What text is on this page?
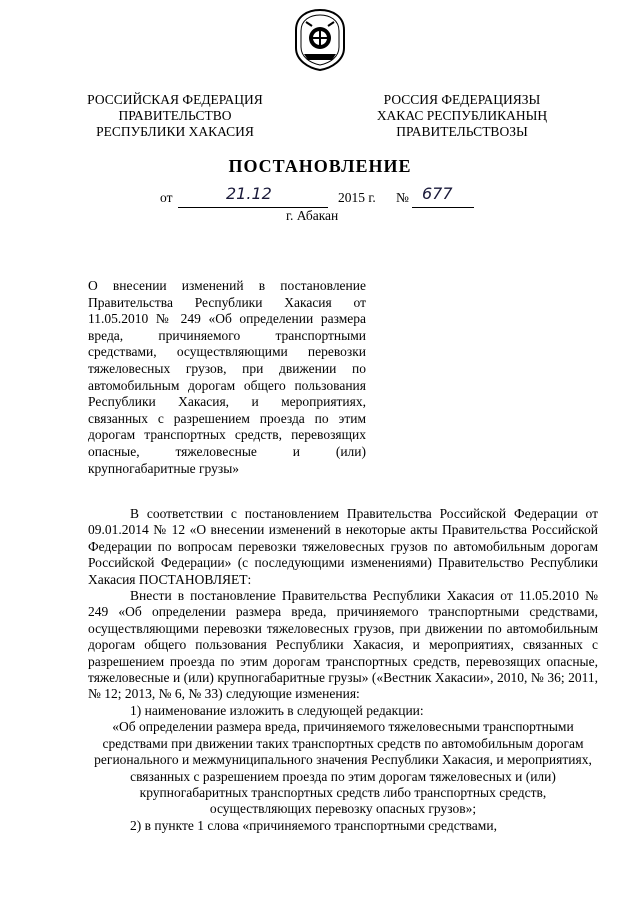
РОССИЙСКАЯ ФЕДЕРАЦИЯ
ПРАВИТЕЛЬСТВО
РЕСПУБЛИКИ ХАКАСИЯ
РОССИЯ ФЕДЕРАЦИЯЗЫ
ХАКАС РЕСПУБЛИКАНЫҢ
ПРАВИТЕЛЬСТВОЗЫ
ПОСТАНОВЛЕНИЕ
от	21.12	2015 г. № 677
г. Абакан

О внесении изменений в постановление Правительства Республики Хакасия от 11.05.2010 № 249 «Об определении размера вреда, причиняемого транспортными средствами, осуществляющими перевозки тяжеловесных грузов, при движении по автомобильным дорогам общего пользования Республики Хакасия, и мероприятиях, связанных с разрешением проезда по этим дорогам транспортных средств, перевозящих опасные, тяжеловесные и (или) крупногабаритные грузы»

В соответствии с постановлением Правительства Российской Федерации от 09.01.2014 № 12 «О внесении изменений в некоторые акты Правительства Российской Федерации по вопросам перевозки тяжеловесных грузов по автомобильным дорогам Российской Федерации» (с последующими изменениями) Правительство Республики Хакасия ПОСТАНОВЛЯЕТ:

Внести в постановление Правительства Республики Хакасия от 11.05.2010 № 249 «Об определении размера вреда, причиняемого транспортными средствами, осуществляющими перевозки тяжеловесных грузов, при движении по автомобильным дорогам общего пользования Республики Хакасия, и мероприятиях, связанных с разрешением проезда по этим дорогам транспортных средств, перевозящих опасные, тяжеловесные и (или) крупногабаритные грузы» («Вестник Хакасии», 2010, № 36; 2011, № 12; 2013, № 6, № 33) следующие изменения:

1) наименование изложить в следующей редакции:

«Об определении размера вреда, причиняемого тяжеловесными транспортными средствами при движении таких транспортных средств по автомобильным дорогам регионального и межмуниципального значения Республики Хакасия, и мероприятиях, связанных с разрешением проезда по этим дорогам тяжеловесных и (или) крупногабаритных транспортных средств либо транспортных средств, осуществляющих перевозку опасных грузов»;

2) в пункте 1 слова «причиняемого транспортными средствами,
